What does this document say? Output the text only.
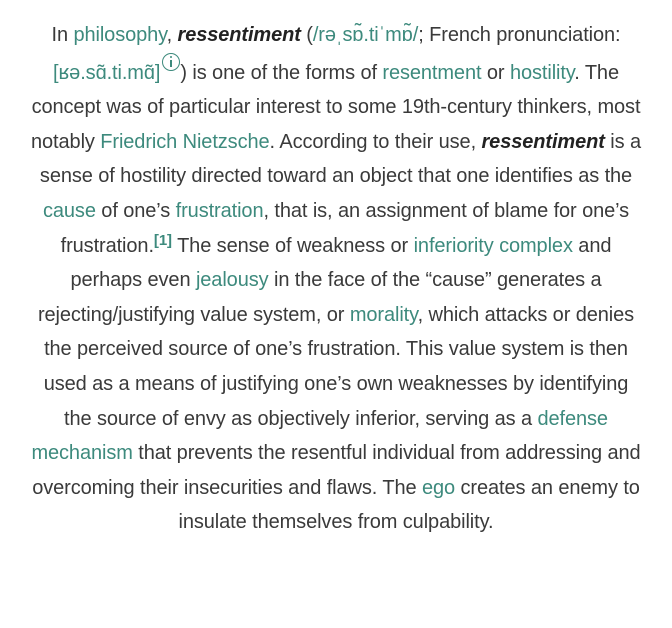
In philosophy, ressentiment (/rəˌsɒ̃.tiˈmɒ̃/; French pronunciation: [ʁə.sɑ̃.ti.mɑ̃] ) is one of the forms of resentment or hostility. The concept was of particular interest to some 19th-century thinkers, most notably Friedrich Nietzsche. According to their use, ressentiment is a sense of hostility directed toward an object that one identifies as the cause of one’s frustration, that is, an assignment of blame for one’s frustration.[1] The sense of weakness or inferiority complex and perhaps even jealousy in the face of the “cause” generates a rejecting/justifying value system, or morality, which attacks or denies the perceived source of one’s frustration. This value system is then used as a means of justifying one’s own weaknesses by identifying the source of envy as objectively inferior, serving as a defense mechanism that prevents the resentful individual from addressing and overcoming their insecurities and flaws. The ego creates an enemy to insulate themselves from culpability.
